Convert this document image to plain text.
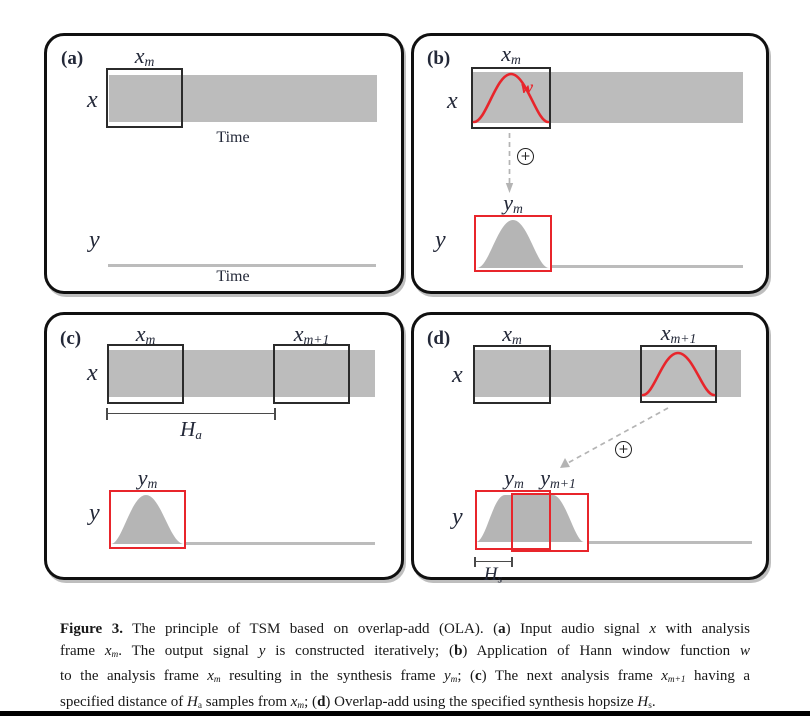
(a)	xm
x
Time
y
Time
(b)	xm
w
x
+
ym
y
(c)	xm	xm+1
x
Ha
ym
y
(d)	xm	xm+1
x
+
ym ym+1
y
Hs
Figure 3. The principle of TSM based on overlap-add (OLA). (a) Input audio signal x with analysis
frame xm. The output signal y is constructed iteratively; (b) Application of Hann window function w
to the analysis frame xm resulting in the synthesis frame ym; (c) The next analysis frame xm+1 having a
specified distance of Ha samples from xm; (d) Overlap-add using the specified synthesis hopsize Hs.
